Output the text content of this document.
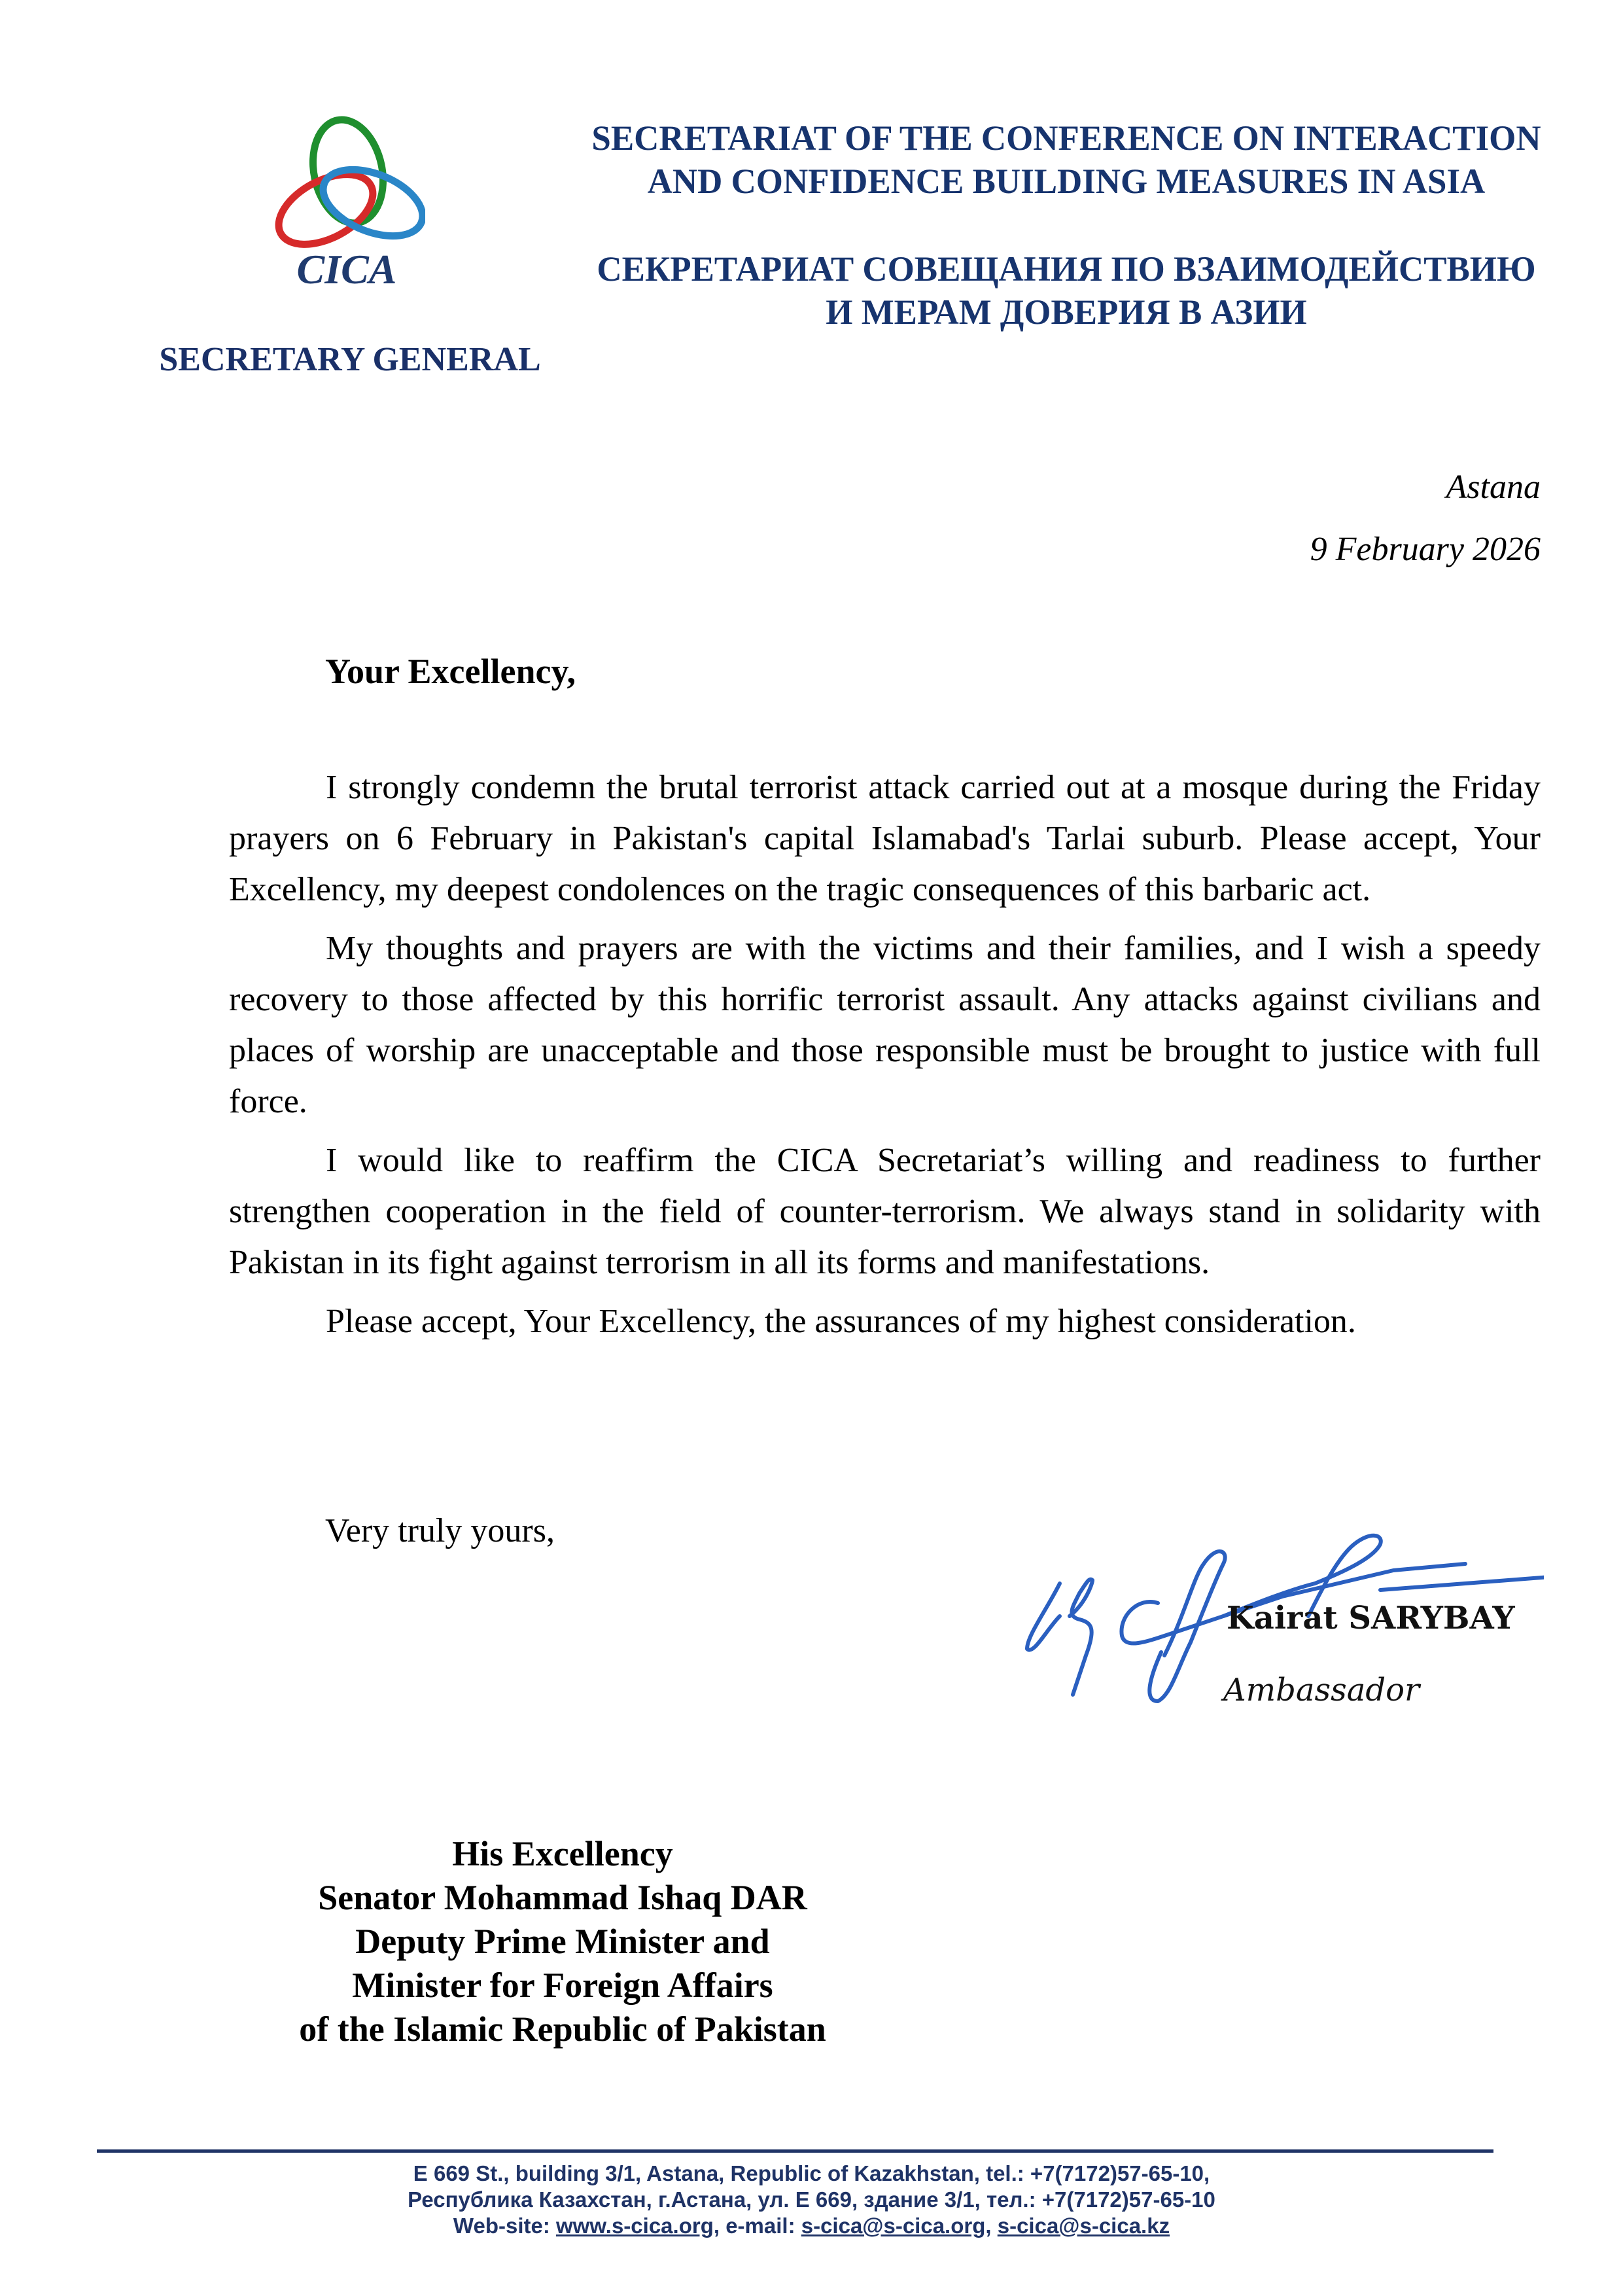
CICA
SECRETARY GENERAL
SECRETARIAT OF THE CONFERENCE ON INTERACTION
AND CONFIDENCE BUILDING MEASURES IN ASIA
СЕКРЕТАРИАТ СОВЕЩАНИЯ ПО ВЗАИМОДЕЙСТВИЮ
И МЕРАМ ДОВЕРИЯ В АЗИИ
Astana
9 February 2026
Your Excellency,

I strongly condemn the brutal terrorist attack carried out at a mosque during the Friday prayers on 6 February in Pakistan's capital Islamabad's Tarlai suburb. Please accept, Your Excellency, my deepest condolences on the tragic consequences of this barbaric act.

My thoughts and prayers are with the victims and their families, and I wish a speedy recovery to those affected by this horrific terrorist assault. Any attacks against civilians and places of worship are unacceptable and those responsible must be brought to justice with full force.

I would like to reaffirm the CICA Secretariat’s willing and readiness to further strengthen cooperation in the field of counter-terrorism. We always stand in solidarity with Pakistan in its fight against terrorism in all its forms and manifestations.

Please accept, Your Excellency, the assurances of my highest consideration.

Very truly yours,
Kairat SARYBAY
Ambassador
His Excellency
Senator Mohammad Ishaq DAR
Deputy Prime Minister and
Minister for Foreign Affairs
of the Islamic Republic of Pakistan
E 669 St., building 3/1, Astana, Republic of Kazakhstan, tel.: +7(7172)57-65-10,
Республика Казахстан, г.Астана, ул. E 669, здание 3/1, тел.: +7(7172)57-65-10
Web-site: www.s-cica.org, e-mail: s-cica@s-cica.org, s-cica@s-cica.kz
